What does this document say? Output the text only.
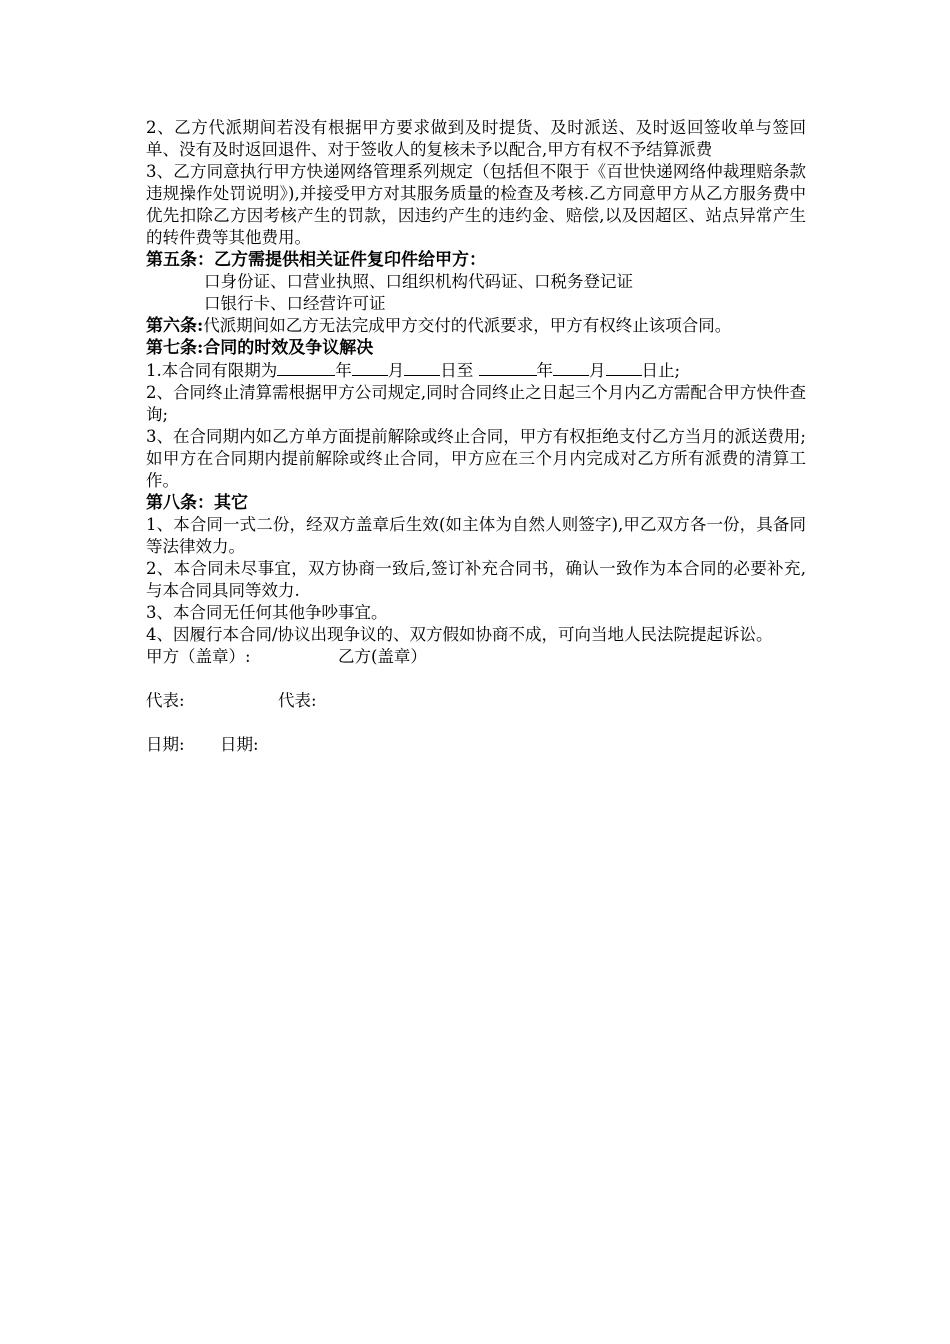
2、乙方代派期间若没有根据甲方要求做到及时提货、及时派送、及时返回签收单与签回单、没有及时返回退件、对于签收人的复核未予以配合,甲方有权不予结算派费

3、乙方同意执行甲方快递网络管理系列规定（包括但不限于《百世快递网络仲裁理赔条款违规操作处罚说明》),并接受甲方对其服务质量的检查及考核.乙方同意甲方从乙方服务费中优先扣除乙方因考核产生的罚款，因违约产生的违约金、赔偿,以及因超区、站点异常产生的转件费等其他费用。

第五条：乙方需提供相关证件复印件给甲方：

口身份证、口营业执照、口组织机构代码证、口税务登记证

口银行卡、口经营许可证

第六条:代派期间如乙方无法完成甲方交付的代派要求，甲方有权终止该项合同。

第七条:合同的时效及争议解决

1.本合同有限期为	年 月 日至	年 月 日止;

2、合同终止清算需根据甲方公司规定,同时合同终止之日起三个月内乙方需配合甲方快件查询;

3、在合同期内如乙方单方面提前解除或终止合同，甲方有权拒绝支付乙方当月的派送费用;如甲方在合同期内提前解除或终止合同，甲方应在三个月内完成对乙方所有派费的清算工作。

第八条：其它

1、本合同一式二份，经双方盖章后生效(如主体为自然人则签字),甲乙双方各一份，具备同等法律效力。

2、本合同未尽事宜，双方协商一致后,签订补充合同书，确认一致作为本合同的必要补充,与本合同具同等效力.

3、本合同无任何其他争吵事宜。

4、因履行本合同/协议出现争议的、双方假如协商不成，可向当地人民法院提起诉讼。

甲方（盖章）:	乙方(盖章）

代表:	代表:

日期:	日期:
